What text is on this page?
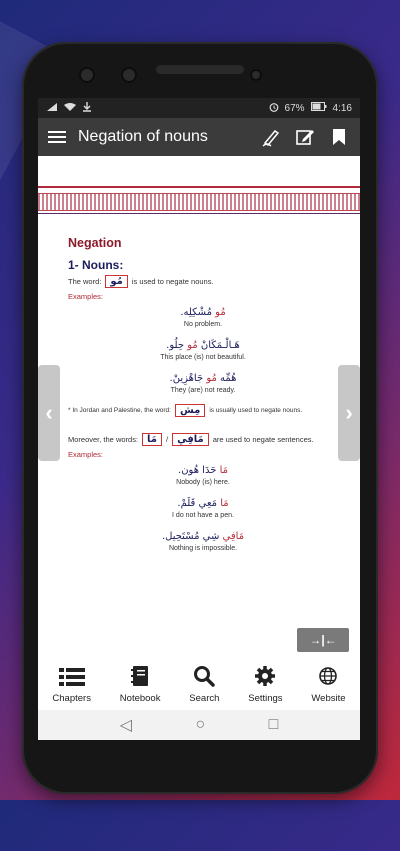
67%	4:16
Negation of nouns
Negation
1- Nouns:
The word: مُو	is used to negate nouns.
Examples:
مُو مُشْكِلِه.
No problem.
هَـالْـمَكَانْ مُو حِلُو.
This place (is) not beautiful.
هُمِّه مُو جَاهْزِينْ.
They (are) not ready.
* In Jordan and Palestine, the word: مِش	is usually used to negate nouns.
Moreover, the words: مَا	/ مَافِي	are used to negate sentences.
Examples:
مَا حَدَا هُون.
Nobody (is) here.
مَا مَعِي قَلَمْ.
I do not have a pen.
مَافِي شِي مُسْتَحِيل.
Nothing is impossible.
Chapters	Notebook	Search	Settings	Website
◁	○	□
‹	›
→|←
